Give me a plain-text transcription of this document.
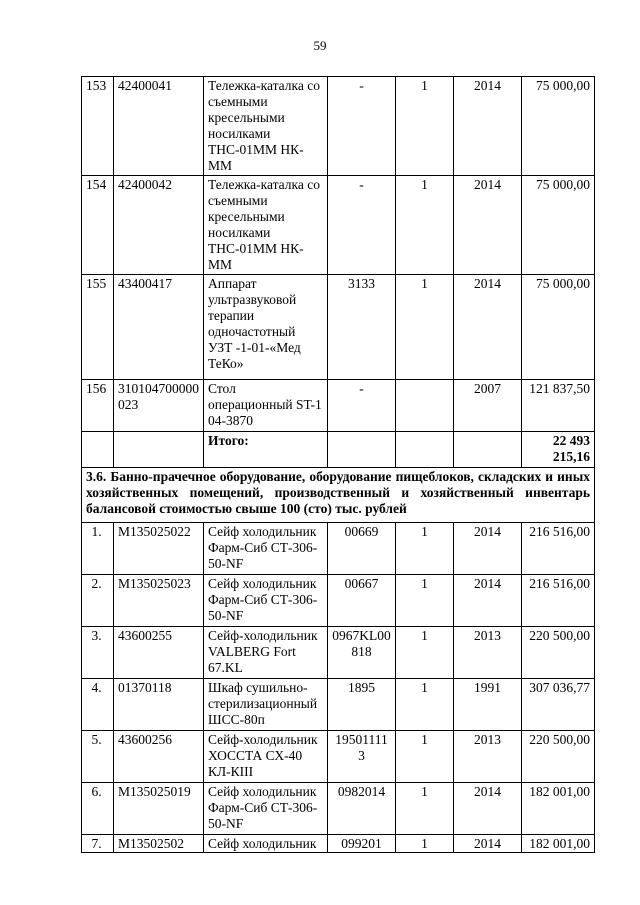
59
153	42400041	Тележка-каталка со съемными кресельными носилками ТНС-01ММ НК-ММ	-	1	2014	75 000,00
154	42400042	Тележка-каталка со съемными кресельными носилками ТНС-01ММ НК-ММ	-	1	2014	75 000,00
155	43400417	Аппарат ультразвуковой терапии одночастотный УЗТ -1-01-«Мед ТеКо»	3133	1	2014	75 000,00
156	310104700000023	Стол операционный ST-1 04-3870	-		2007	121 837,50
		Итого:				22 493 215,16
3.6. Банно-прачечное оборудование, оборудование пищеблоков, складских и иных хозяйственных помещений, производственный и хозяйственный инвентарь балансовой стоимостью свыше 100 (сто) тыс. рублей						
1.	М135025022	Сейф холодильник Фарм-Сиб СТ-306-50-NF	00669	1	2014	216 516,00
2.	М135025023	Сейф холодильник Фарм-Сиб СТ-306-50-NF	00667	1	2014	216 516,00
3.	43600255	Сейф-холодильник VALBERG Fort 67.KL	0967KL00818	1	2013	220 500,00
4.	01370118	Шкаф сушильно-стерилизационный ШСС-80п	1895	1	1991	307 036,77
5.	43600256	Сейф-холодильник ХОССТА СХ-40 КЛ-КIII	195011113	1	2013	220 500,00
6.	М135025019	Сейф холодильник Фарм-Сиб СТ-306-50-NF	0982014	1	2014	182 001,00
7.	М13502502	Сейф холодильник	099201	1	2014	182 001,00
